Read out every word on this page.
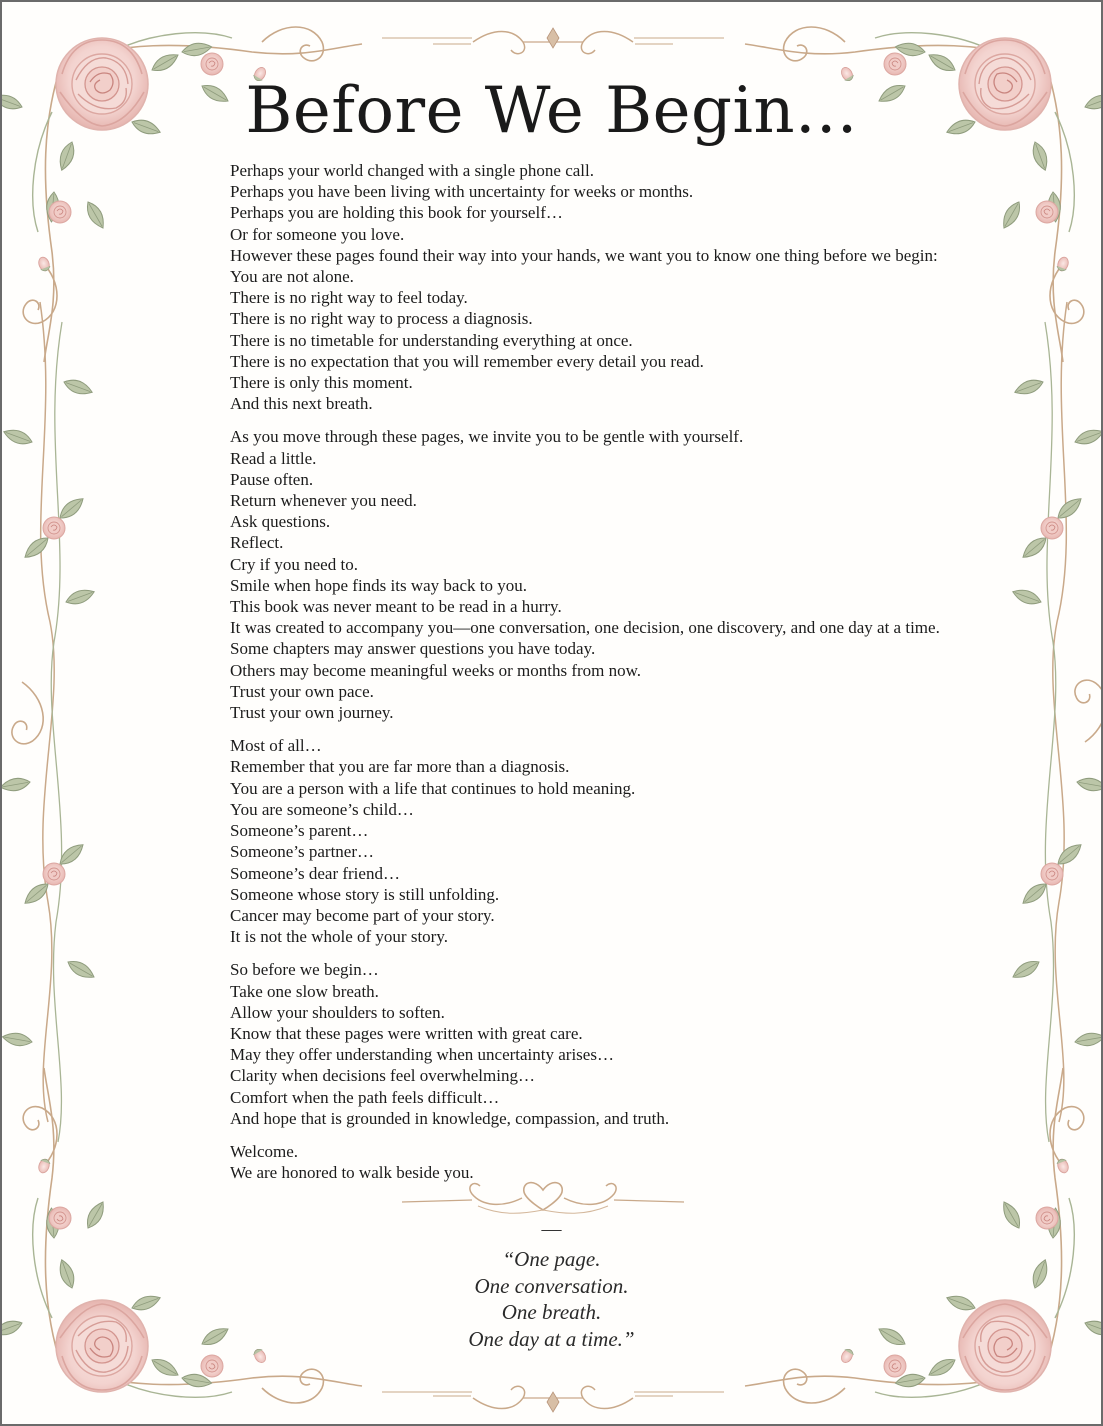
Before We Begin...

Perhaps your world changed with a single phone call.
Perhaps you have been living with uncertainty for weeks or months.
Perhaps you are holding this book for yourself…
Or for someone you love.
However these pages found their way into your hands, we want you to know one thing before we begin:
You are not alone.
There is no right way to feel today.
There is no right way to process a diagnosis.
There is no timetable for understanding everything at once.
There is no expectation that you will remember every detail you read.
There is only this moment.
And this next breath.

As you move through these pages, we invite you to be gentle with yourself.
Read a little.
Pause often.
Return whenever you need.
Ask questions.
Reflect.
Cry if you need to.
Smile when hope finds its way back to you.
This book was never meant to be read in a hurry.
It was created to accompany you—one conversation, one decision, one discovery, and one day at a time.
Some chapters may answer questions you have today.
Others may become meaningful weeks or months from now.
Trust your own pace.
Trust your own journey.

Most of all…
Remember that you are far more than a diagnosis.
You are a person with a life that continues to hold meaning.
You are someone’s child…
Someone’s parent…
Someone’s partner…
Someone’s dear friend…
Someone whose story is still unfolding.
Cancer may become part of your story.
It is not the whole of your story.

So before we begin…
Take one slow breath.
Allow your shoulders to soften.
Know that these pages were written with great care.
May they offer understanding when uncertainty arises…
Clarity when decisions feel overwhelming…
Comfort when the path feels difficult…
And hope that is grounded in knowledge, compassion, and truth.

Welcome.
We are honored to walk beside you.

—
“One page.
One conversation.
One breath.
One day at a time.”
